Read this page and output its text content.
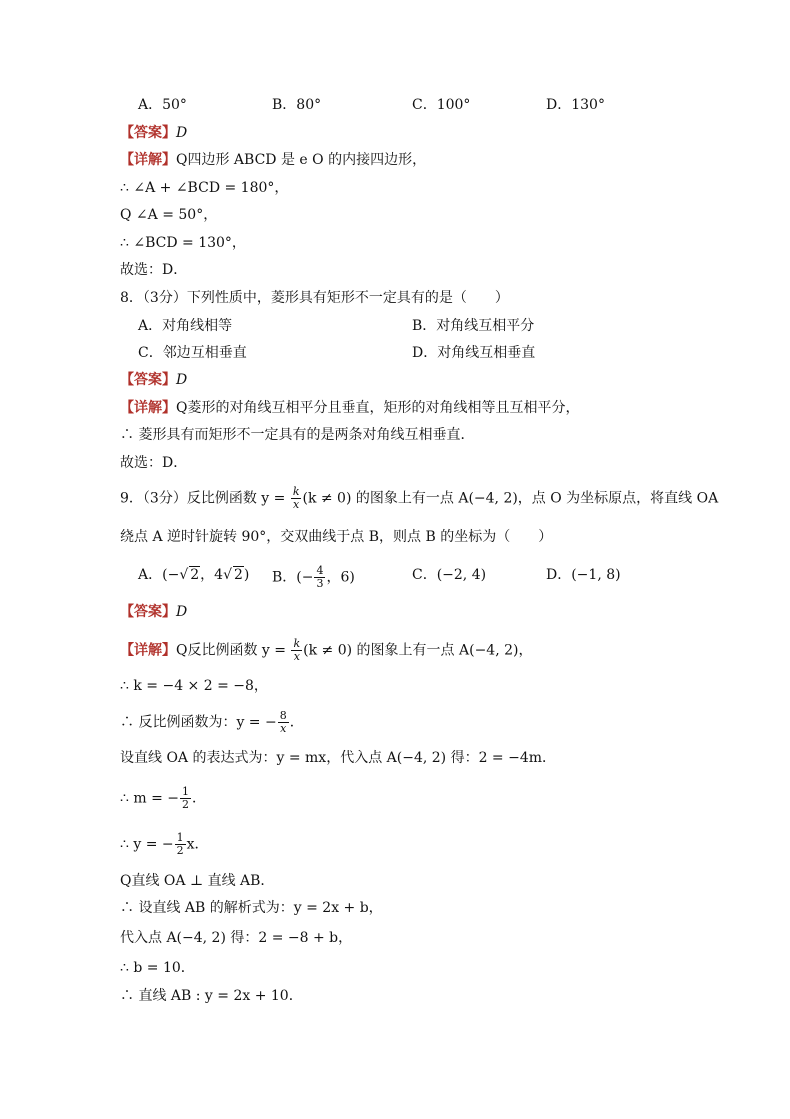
A．50°	B．80°	C．100°	D．130°
【答案】D
【详解】Q四边形 ABCD 是 e O 的内接四边形，
∴ ∠A + ∠BCD = 180°，
Q ∠A = 50°，
∴ ∠BCD = 130°，
故选：D．
8．（3分）下列性质中，菱形具有矩形不一定具有的是（　　）
A．对角线相等	B．对角线互相平分
C．邻边互相垂直	D．对角线互相垂直
【答案】D
【详解】Q菱形的对角线互相平分且垂直，矩形的对角线相等且互相平分，
∴ 菱形具有而矩形不一定具有的是两条对角线互相垂直．
故选：D．
9．（3分）反比例函数 $y = \frac{k}{x} (k \ne 0)$ 的图象上有一点 A(−4, 2)，点 O 为坐标原点，将直线 OA
绕点 A 逆时针旋转 90°，交双曲线于点 B，则点 B 的坐标为（　　）
A．(−√ 2，4√ 2) B．(− $\frac{4}{3}$ ，6)	C．(−2, 4)	D．(−1, 8)
【答案】D
【详解】Q反比例函数 $y = \frac{k}{x} (k \ne 0)$ 的图象上有一点 A(−4, 2)，
∴ k = −4 × 2 = −8，
∴ 反比例函数为：y = − $\frac{8}{x}$ ．
设直线 OA 的表达式为：y = mx，代入点 A(−4, 2) 得：2 = −4m．
∴ m = − $\frac{1}{2}$ ．
∴ y = − $\frac{1}{2}$ x．
Q直线 OA ⊥ 直线 AB．
∴ 设直线 AB 的解析式为：y = 2x + b，
代入点 A(−4, 2) 得：2 = −8 + b，
∴ b = 10．
∴ 直线 AB : y = 2x + 10．
